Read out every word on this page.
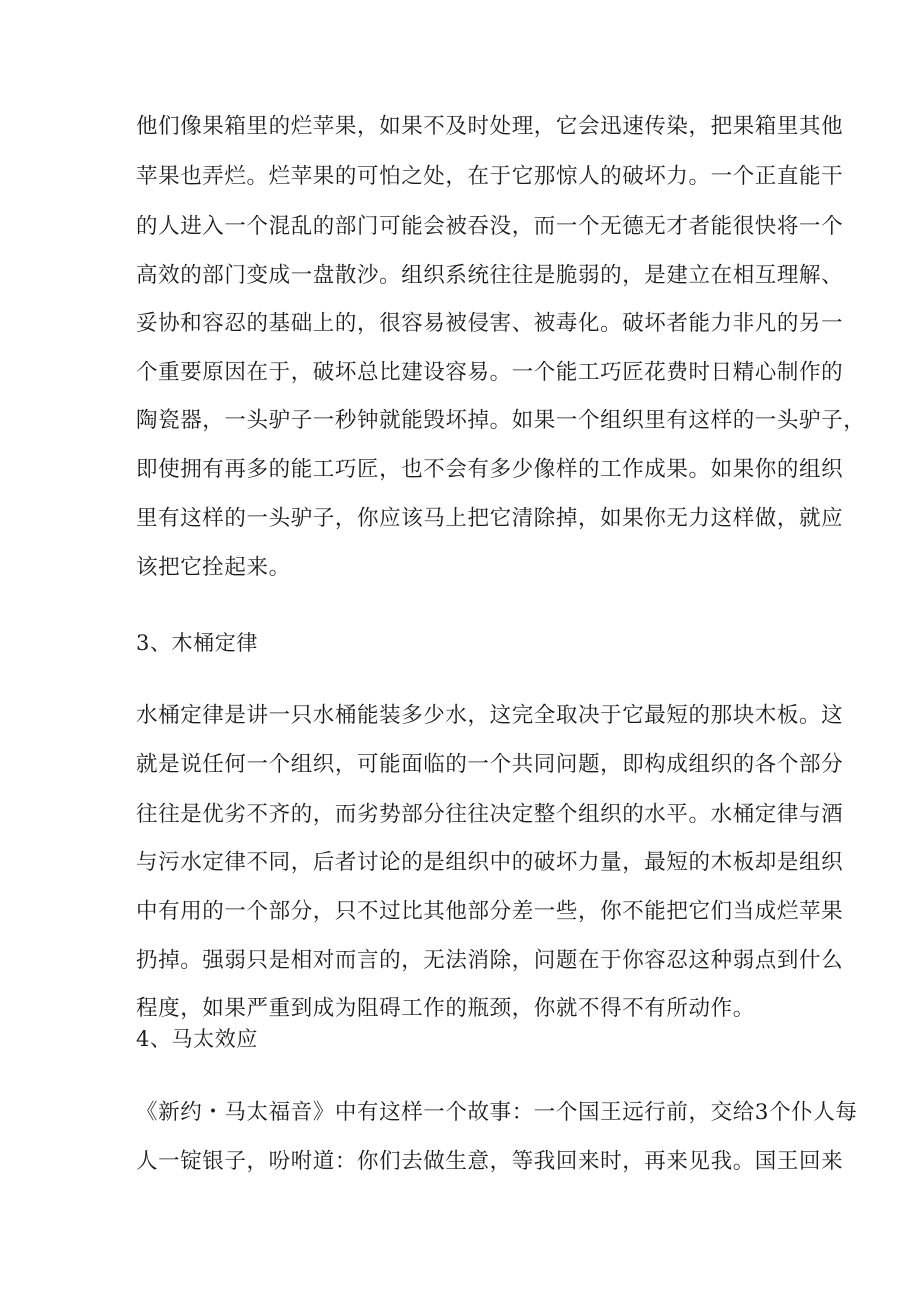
他们像果箱里的烂苹果，如果不及时处理，它会迅速传染，把果箱里其他
苹果也弄烂。烂苹果的可怕之处，在于它那惊人的破坏力。一个正直能干
的人进入一个混乱的部门可能会被吞没，而一个无德无才者能很快将一个
高效的部门变成一盘散沙。组织系统往往是脆弱的，是建立在相互理解、
妥协和容忍的基础上的，很容易被侵害、被毒化。破坏者能力非凡的另一
个重要原因在于，破坏总比建设容易。一个能工巧匠花费时日精心制作的
陶瓷器，一头驴子一秒钟就能毁坏掉。如果一个组织里有这样的一头驴子，
即使拥有再多的能工巧匠，也不会有多少像样的工作成果。如果你的组织
里有这样的一头驴子，你应该马上把它清除掉，如果你无力这样做，就应
该把它拴起来。
3、木桶定律
水桶定律是讲一只水桶能装多少水，这完全取决于它最短的那块木板。这
就是说任何一个组织，可能面临的一个共同问题，即构成组织的各个部分
往往是优劣不齐的，而劣势部分往往决定整个组织的水平。水桶定律与酒
与污水定律不同，后者讨论的是组织中的破坏力量，最短的木板却是组织
中有用的一个部分，只不过比其他部分差一些，你不能把它们当成烂苹果
扔掉。强弱只是相对而言的，无法消除，问题在于你容忍这种弱点到什么
程度，如果严重到成为阻碍工作的瓶颈，你就不得不有所动作。
4、马太效应
《新约・马太福音》中有这样一个故事：一个国王远行前，交给3个仆人每
人一锭银子，吩咐道：你们去做生意，等我回来时，再来见我。国王回来
